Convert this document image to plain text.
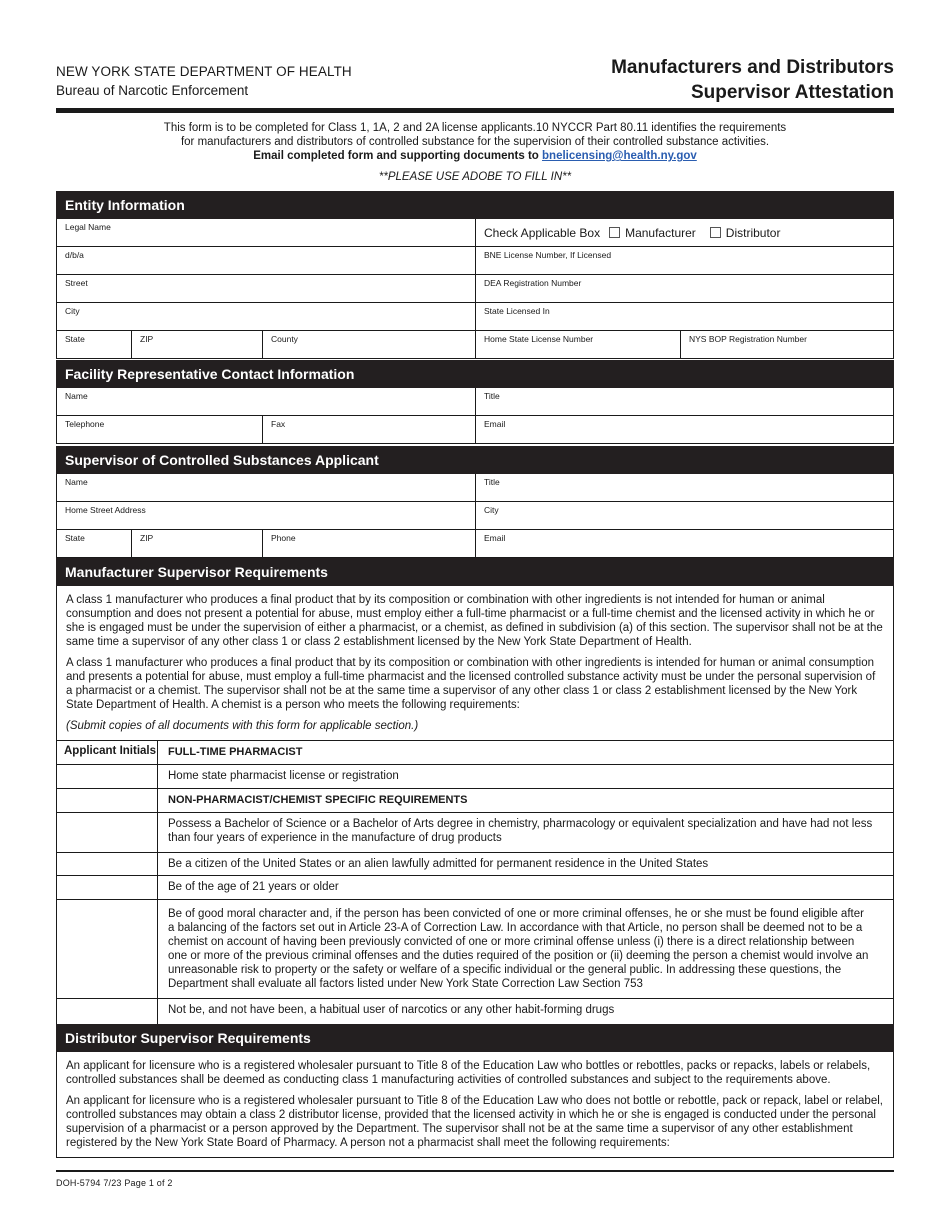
NEW YORK STATE DEPARTMENT OF HEALTH
Bureau of Narcotic Enforcement
Manufacturers and Distributors
Supervisor Attestation
This form is to be completed for Class 1, 1A, 2 and 2A license applicants.10 NYCCR Part 80.11 identifies the requirements
for manufacturers and distributors of controlled substance for the supervision of their controlled substance activities.
Email completed form and supporting documents to bnelicensing@health.ny.gov
**PLEASE USE ADOBE TO FILL IN**
Entity Information
Legal Name	Check Applicable Box Manufacturer	Distributor
d/b/a	BNE License Number, If Licensed
Street	DEA Registration Number
City	State Licensed In
State	ZIP	County	Home State License Number	NYS BOP Registration Number
Facility Representative Contact Information
Name	Title
Telephone	Fax	Email
Supervisor of Controlled Substances Applicant
Name	Title
Home Street Address	City
State	ZIP	Phone	Email
Manufacturer Supervisor Requirements

A class 1 manufacturer who produces a final product that by its composition or combination with other ingredients is not intended for human or animal consumption and does not present a potential for abuse, must employ either a full-time pharmacist or a full-time chemist and the licensed activity in which he or she is engaged must be under the supervision of either a pharmacist, or a chemist, as defined in subdivision (a) of this section. The supervisor shall not be at the same time a supervisor of any other class 1 or class 2 establishment licensed by the New York State Department of Health.

A class 1 manufacturer who produces a final product that by its composition or combination with other ingredients is intended for human or animal consumption and presents a potential for abuse, must employ a full-time pharmacist and the licensed controlled substance activity must be under the personal supervision of a pharmacist or a chemist. The supervisor shall not be at the same time a supervisor of any other class 1 or class 2 establishment licensed by the New York State Department of Health. A chemist is a person who meets the following requirements:

(Submit copies of all documents with this form for applicable section.)

Applicant Initials	FULL-TIME PHARMACIST
Home state pharmacist license or registration
NON-PHARMACIST/CHEMIST SPECIFIC REQUIREMENTS
Possess a Bachelor of Science or a Bachelor of Arts degree in chemistry, pharmacology or equivalent specialization and have had not less than four years of experience in the manufacture of drug products
Be a citizen of the United States or an alien lawfully admitted for permanent residence in the United States
Be of the age of 21 years or older
Be of good moral character and, if the person has been convicted of one or more criminal offenses, he or she must be found eligible after a balancing of the factors set out in Article 23-A of Correction Law. In accordance with that Article, no person shall be deemed not to be a chemist on account of having been previously convicted of one or more criminal offense unless (i) there is a direct relationship between one or more of the previous criminal offenses and the duties required of the position or (ii) deeming the person a chemist would involve an unreasonable risk to property or the safety or welfare of a specific individual or the general public. In addressing these questions, the Department shall evaluate all factors listed under New York State Correction Law Section 753
Not be, and not have been, a habitual user of narcotics or any other habit-forming drugs
Distributor Supervisor Requirements

An applicant for licensure who is a registered wholesaler pursuant to Title 8 of the Education Law who bottles or rebottles, packs or repacks, labels or relabels, controlled substances shall be deemed as conducting class 1 manufacturing activities of controlled substances and subject to the requirements above.

An applicant for licensure who is a registered wholesaler pursuant to Title 8 of the Education Law who does not bottle or rebottle, pack or repack, label or relabel, controlled substances may obtain a class 2 distributor license, provided that the licensed activity in which he or she is engaged is conducted under the personal supervision of a pharmacist or a person approved by the Department. The supervisor shall not be at the same time a supervisor of any other establishment registered by the New York State Board of Pharmacy. A person not a pharmacist shall meet the following requirements:

DOH-5794 7/23 Page 1 of 2
